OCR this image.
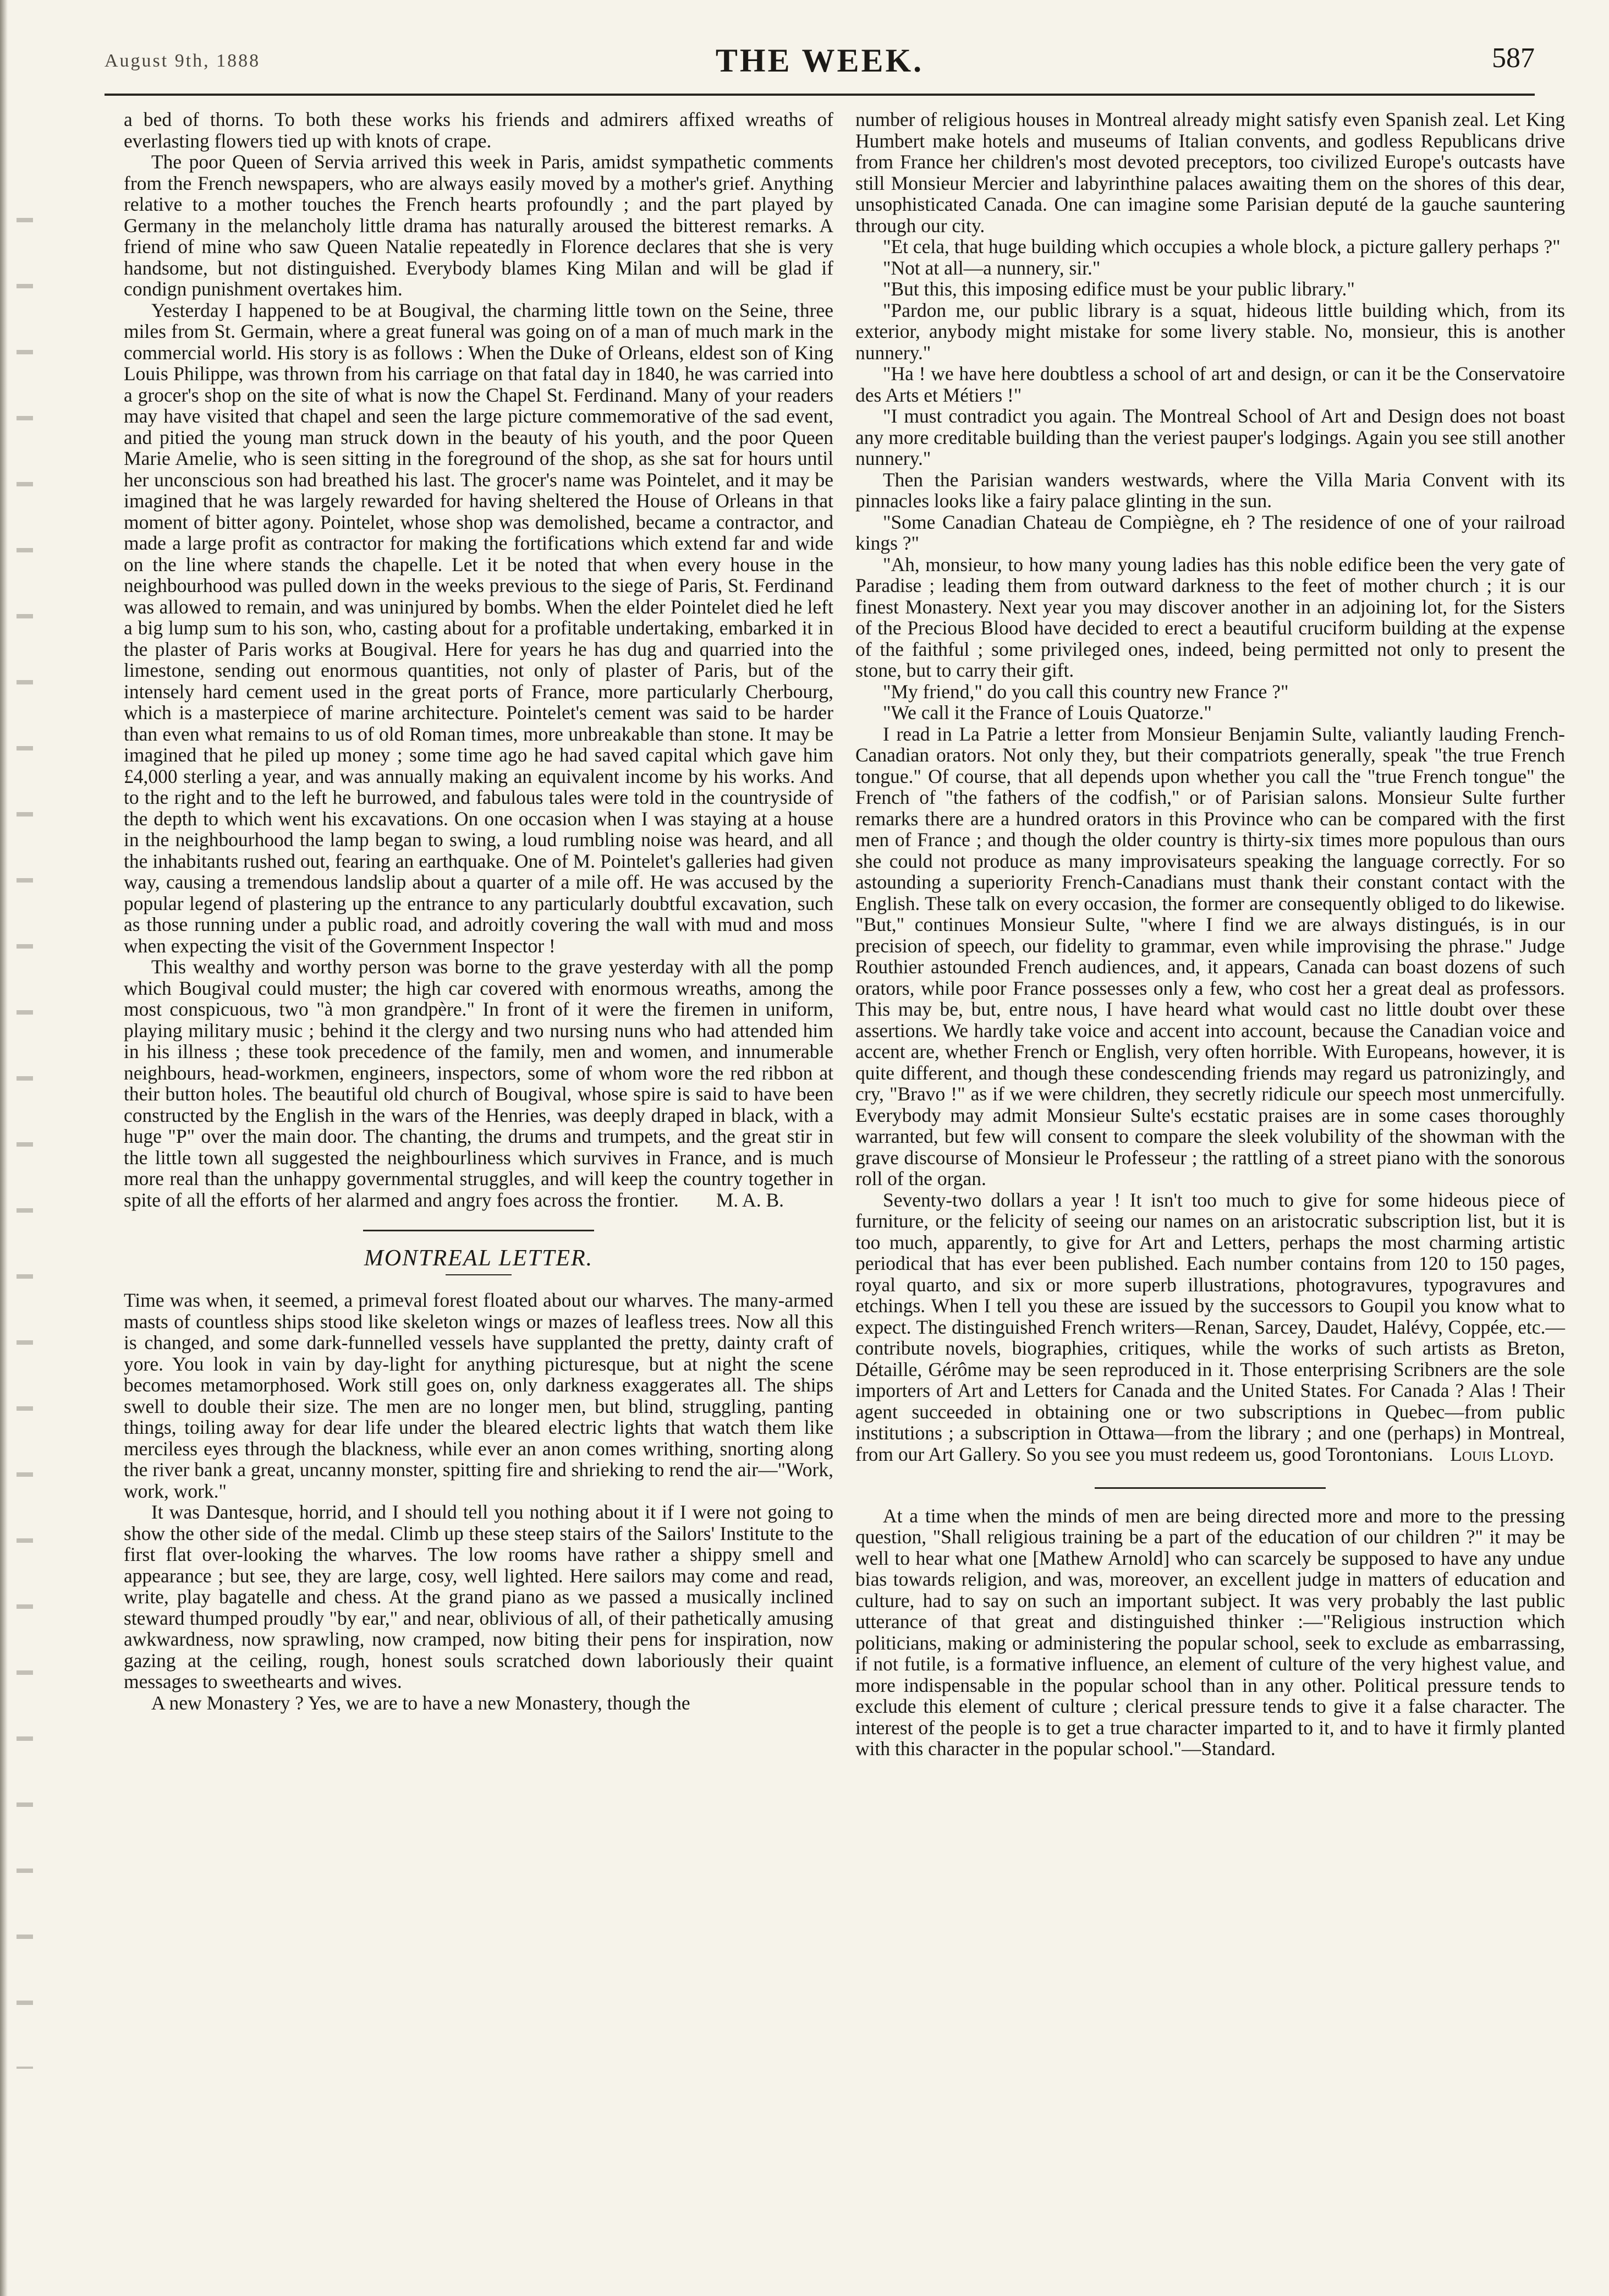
August 9th, 1888	THE WEEK.	587

a bed of thorns. To both these works his friends and admirers affixed wreaths of everlasting flowers tied up with knots of crape.

The poor Queen of Servia arrived this week in Paris, amidst sympathetic comments from the French newspapers, who are always easily moved by a mother's grief. Anything relative to a mother touches the French hearts profoundly ; and the part played by Germany in the melancholy little drama has naturally aroused the bitterest remarks. A friend of mine who saw Queen Natalie repeatedly in Florence declares that she is very handsome, but not distinguished. Everybody blames King Milan and will be glad if condign punishment overtakes him.

Yesterday I happened to be at Bougival, the charming little town on the Seine, three miles from St. Germain, where a great funeral was going on of a man of much mark in the commercial world. His story is as follows : When the Duke of Orleans, eldest son of King Louis Philippe, was thrown from his carriage on that fatal day in 1840, he was carried into a grocer's shop on the site of what is now the Chapel St. Ferdinand. Many of your readers may have visited that chapel and seen the large picture commemorative of the sad event, and pitied the young man struck down in the beauty of his youth, and the poor Queen Marie Amelie, who is seen sitting in the foreground of the shop, as she sat for hours until her unconscious son had breathed his last. The grocer's name was Pointelet, and it may be imagined that he was largely rewarded for having sheltered the House of Orleans in that moment of bitter agony. Pointelet, whose shop was demolished, became a contractor, and made a large profit as contractor for making the fortifications which extend far and wide on the line where stands the chapelle. Let it be noted that when every house in the neighbourhood was pulled down in the weeks previous to the siege of Paris, St. Ferdinand was allowed to remain, and was uninjured by bombs. When the elder Pointelet died he left a big lump sum to his son, who, casting about for a profitable undertaking, embarked it in the plaster of Paris works at Bougival. Here for years he has dug and quarried into the limestone, sending out enormous quantities, not only of plaster of Paris, but of the intensely hard cement used in the great ports of France, more particularly Cherbourg, which is a masterpiece of marine architecture. Pointelet's cement was said to be harder than even what remains to us of old Roman times, more unbreakable than stone. It may be imagined that he piled up money ; some time ago he had saved capital which gave him £4,000 sterling a year, and was annually making an equivalent income by his works. And to the right and to the left he burrowed, and fabulous tales were told in the countryside of the depth to which went his excavations. On one occasion when I was staying at a house in the neighbourhood the lamp began to swing, a loud rumbling noise was heard, and all the inhabitants rushed out, fearing an earthquake. One of M. Pointelet's galleries had given way, causing a tremendous landslip about a quarter of a mile off. He was accused by the popular legend of plastering up the entrance to any particularly doubtful excavation, such as those running under a public road, and adroitly covering the wall with mud and moss when expecting the visit of the Government Inspector !

This wealthy and worthy person was borne to the grave yesterday with all the pomp which Bougival could muster; the high car covered with enormous wreaths, among the most conspicuous, two "à mon grandpère." In front of it were the firemen in uniform, playing military music ; behind it the clergy and two nursing nuns who had attended him in his illness ; these took precedence of the family, men and women, and innumerable neighbours, head-workmen, engineers, inspectors, some of whom wore the red ribbon at their button holes. The beautiful old church of Bougival, whose spire is said to have been constructed by the English in the wars of the Henries, was deeply draped in black, with a huge "P" over the main door. The chanting, the drums and trumpets, and the great stir in the little town all suggested the neighbourliness which survives in France, and is much more real than the unhappy governmental struggles, and will keep the country together in spite of all the efforts of her alarmed and angry foes across the frontier.	M. A. B.
MONTREAL LETTER.

Time was when, it seemed, a primeval forest floated about our wharves. The many-armed masts of countless ships stood like skeleton wings or mazes of leafless trees. Now all this is changed, and some dark-funnelled vessels have supplanted the pretty, dainty craft of yore. You look in vain by day-light for anything picturesque, but at night the scene becomes metamorphosed. Work still goes on, only darkness exaggerates all. The ships swell to double their size. The men are no longer men, but blind, struggling, panting things, toiling away for dear life under the bleared electric lights that watch them like merciless eyes through the blackness, while ever an anon comes writhing, snorting along the river bank a great, uncanny monster, spitting fire and shrieking to rend the air—"Work, work, work."

It was Dantesque, horrid, and I should tell you nothing about it if I were not going to show the other side of the medal. Climb up these steep stairs of the Sailors' Institute to the first flat over-looking the wharves. The low rooms have rather a shippy smell and appearance ; but see, they are large, cosy, well lighted. Here sailors may come and read, write, play bagatelle and chess. At the grand piano as we passed a musically inclined steward thumped proudly "by ear," and near, oblivious of all, of their pathetically amusing awkwardness, now sprawling, now cramped, now biting their pens for inspiration, now gazing at the ceiling, rough, honest souls scratched down laboriously their quaint messages to sweethearts and wives.

A new Monastery ? Yes, we are to have a new Monastery, though the

number of religious houses in Montreal already might satisfy even Spanish zeal. Let King Humbert make hotels and museums of Italian convents, and godless Republicans drive from France her children's most devoted preceptors, too civilized Europe's outcasts have still Monsieur Mercier and labyrinthine palaces awaiting them on the shores of this dear, unsophisticated Canada. One can imagine some Parisian deputé de la gauche sauntering through our city.

"Et cela, that huge building which occupies a whole block, a picture gallery perhaps ?"

"Not at all—a nunnery, sir."

"But this, this imposing edifice must be your public library."

"Pardon me, our public library is a squat, hideous little building which, from its exterior, anybody might mistake for some livery stable. No, monsieur, this is another nunnery."

"Ha ! we have here doubtless a school of art and design, or can it be the Conservatoire des Arts et Métiers !"

"I must contradict you again. The Montreal School of Art and Design does not boast any more creditable building than the veriest pauper's lodgings. Again you see still another nunnery."

Then the Parisian wanders westwards, where the Villa Maria Convent with its pinnacles looks like a fairy palace glinting in the sun.

"Some Canadian Chateau de Compiègne, eh ? The residence of one of your railroad kings ?"

"Ah, monsieur, to how many young ladies has this noble edifice been the very gate of Paradise ; leading them from outward darkness to the feet of mother church ; it is our finest Monastery. Next year you may discover another in an adjoining lot, for the Sisters of the Precious Blood have decided to erect a beautiful cruciform building at the expense of the faithful ; some privileged ones, indeed, being permitted not only to present the stone, but to carry their gift.

"My friend," do you call this country new France ?"

"We call it the France of Louis Quatorze."

I read in La Patrie a letter from Monsieur Benjamin Sulte, valiantly lauding French-Canadian orators. Not only they, but their compatriots generally, speak "the true French tongue." Of course, that all depends upon whether you call the "true French tongue" the French of "the fathers of the codfish," or of Parisian salons. Monsieur Sulte further remarks there are a hundred orators in this Province who can be compared with the first men of France ; and though the older country is thirty-six times more populous than ours she could not produce as many improvisateurs speaking the language correctly. For so astounding a superiority French-Canadians must thank their constant contact with the English. These talk on every occasion, the former are consequently obliged to do likewise. "But," continues Monsieur Sulte, "where I find we are always distingués, is in our precision of speech, our fidelity to grammar, even while improvising the phrase." Judge Routhier astounded French audiences, and, it appears, Canada can boast dozens of such orators, while poor France possesses only a few, who cost her a great deal as professors. This may be, but, entre nous, I have heard what would cast no little doubt over these assertions. We hardly take voice and accent into account, because the Canadian voice and accent are, whether French or English, very often horrible. With Europeans, however, it is quite different, and though these condescending friends may regard us patronizingly, and cry, "Bravo !" as if we were children, they secretly ridicule our speech most unmercifully. Everybody may admit Monsieur Sulte's ecstatic praises are in some cases thoroughly warranted, but few will consent to compare the sleek volubility of the showman with the grave discourse of Monsieur le Professeur ; the rattling of a street piano with the sonorous roll of the organ.

Seventy-two dollars a year ! It isn't too much to give for some hideous piece of furniture, or the felicity of seeing our names on an aristocratic subscription list, but it is too much, apparently, to give for Art and Letters, perhaps the most charming artistic periodical that has ever been published. Each number contains from 120 to 150 pages, royal quarto, and six or more superb illustrations, photogravures, typogravures and etchings. When I tell you these are issued by the successors to Goupil you know what to expect. The distinguished French writers—Renan, Sarcey, Daudet, Halévy, Coppée, etc.—contribute novels, biographies, critiques, while the works of such artists as Breton, Détaille, Gérôme may be seen reproduced in it. Those enterprising Scribners are the sole importers of Art and Letters for Canada and the United States. For Canada ? Alas ! Their agent succeeded in obtaining one or two subscriptions in Quebec—from public institutions ; a subscription in Ottawa—from the library ; and one (perhaps) in Montreal, from our Art Gallery. So you see you must redeem us, good Torontonians. Louis Lloyd.

At a time when the minds of men are being directed more and more to the pressing question, "Shall religious training be a part of the education of our children ?" it may be well to hear what one [Mathew Arnold] who can scarcely be supposed to have any undue bias towards religion, and was, moreover, an excellent judge in matters of education and culture, had to say on such an important subject. It was very probably the last public utterance of that great and distinguished thinker :—"Religious instruction which politicians, making or administering the popular school, seek to exclude as embarrassing, if not futile, is a formative influence, an element of culture of the very highest value, and more indispensable in the popular school than in any other. Political pressure tends to exclude this element of culture ; clerical pressure tends to give it a false character. The interest of the people is to get a true character imparted to it, and to have it firmly planted with this character in the popular school."—Standard.
